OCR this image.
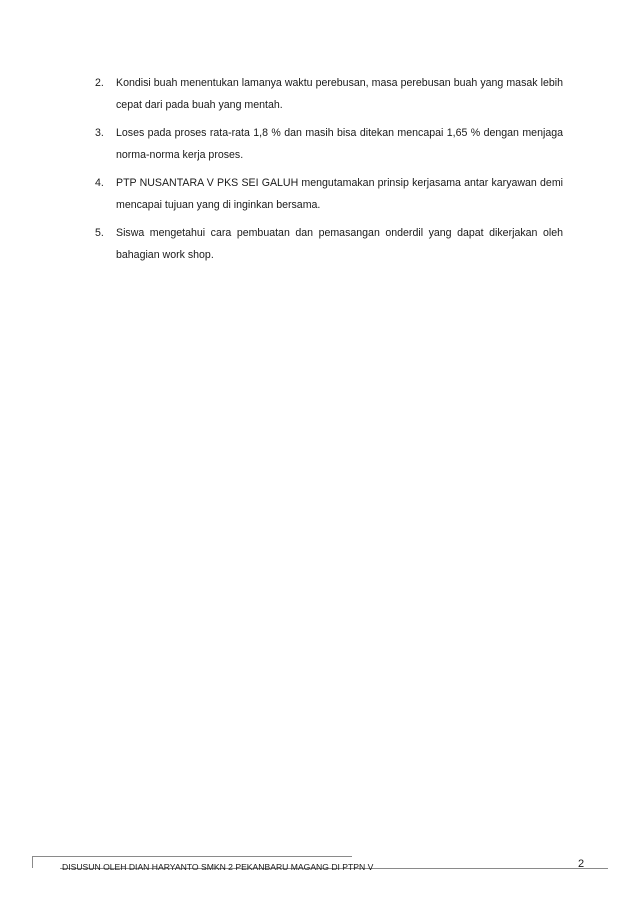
2. Kondisi buah menentukan lamanya waktu perebusan, masa perebusan buah yang masak lebih cepat dari pada buah yang mentah.
3. Loses pada proses rata-rata 1,8 % dan masih bisa ditekan mencapai 1,65 % dengan menjaga norma-norma kerja proses.
4. PTP NUSANTARA V PKS SEI GALUH mengutamakan prinsip kerjasama antar karyawan demi mencapai tujuan yang di inginkan bersama.
5. Siswa mengetahui cara pembuatan dan pemasangan onderdil yang dapat dikerjakan oleh bahagian work shop.
DISUSUN OLEH DIAN HARYANTO SMKN 2 PEKANBARU MAGANG DI PTPN V	2
